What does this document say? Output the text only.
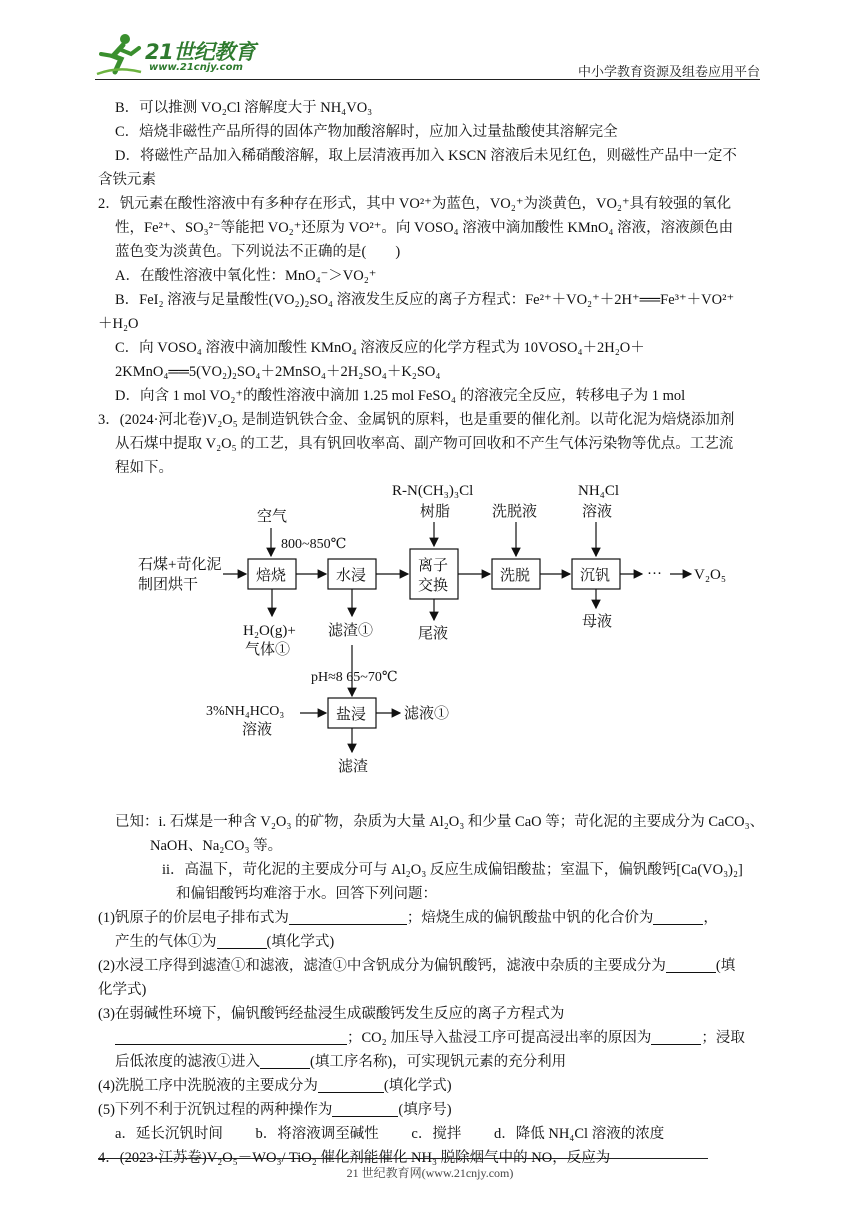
21世纪教育
www.21cnjy.com	中小学教育资源及组卷应用平台
B．可以推测 VO₂Cl 溶解度大于 NH₄VO₃
C．焙烧非磁性产品所得的固体产物加酸溶解时，应加入过量盐酸使其溶解完全
D．将磁性产品加入稀硝酸溶解，取上层清液再加入 KSCN 溶液后未见红色，则磁性产品中一定不
含铁元素
2．钒元素在酸性溶液中有多种存在形式，其中 VO²⁺为蓝色，VO₂⁺为淡黄色，VO₂⁺具有较强的氧化
性，Fe²⁺、SO₃²⁻等能把 VO₂⁺还原为 VO²⁺。向 VOSO₄ 溶液中滴加酸性 KMnO₄ 溶液，溶液颜色由
蓝色变为淡黄色。下列说法不正确的是(　　)
A．在酸性溶液中氧化性：MnO₄⁻＞VO₂⁺
B．FeI₂ 溶液与足量酸性(VO₂)₂SO₄ 溶液发生反应的离子方程式：Fe²⁺＋VO₂⁺＋2H⁺══Fe³⁺＋VO²⁺
＋H₂O
C．向 VOSO₄ 溶液中滴加酸性 KMnO₄ 溶液反应的化学方程式为 10VOSO₄＋2H₂O＋
2KMnO₄══5(VO₂)₂SO₄＋2MnSO₄＋2H₂SO₄＋K₂SO₄
D．向含 1 mol VO₂⁺的酸性溶液中滴加 1.25 mol FeSO₄ 的溶液完全反应，转移电子为 1 mol
3．(2024·河北卷)V₂O₅ 是制造钒铁合金、金属钒的原料，也是重要的催化剂。以苛化泥为焙烧添加剂
从石煤中提取 V₂O₅ 的工艺，具有钒回收率高、副产物可回收和不产生气体污染物等优点。工艺流
程如下。
石煤+苛化泥
制团烘干
空气
800~850℃
焙烧	水浸
离子
交换
洗脱	沉钒 ··· V₂O₅
R-N(CH₃)₃Cl
树脂	洗脱液
NH₄Cl
溶液
H₂O(g)+
气体①
滤渣①	尾液
母液
pH≈8 65~70℃
3%NH₄HCO₃
溶液
盐浸	滤液①
滤渣
已知：i. 石煤是一种含 V₂O₃ 的矿物，杂质为大量 Al₂O₃ 和少量 CaO 等；苛化泥的主要成分为 CaCO₃、
NaOH、Na₂CO₃ 等。
ii．高温下，苛化泥的主要成分可与 Al₂O₃ 反应生成偏铝酸盐；室温下，偏钒酸钙[Ca(VO₃)₂]
和偏铝酸钙均难溶于水。回答下列问题：
(1)钒原子的价层电子排布式为	；焙烧生成的偏钒酸盐中钒的化合价为	，
产生的气体①为	(填化学式)
(2)水浸工序得到滤渣①和滤液，滤渣①中含钒成分为偏钒酸钙，滤液中杂质的主要成分为	(填
化学式)
(3)在弱碱性环境下，偏钒酸钙经盐浸生成碳酸钙发生反应的离子方程式为
；CO₂ 加压导入盐浸工序可提高浸出率的原因为	；浸取
后低浓度的滤液①进入	(填工序名称)，可实现钒元素的充分利用
(4)洗脱工序中洗脱液的主要成分为	(填化学式)
(5)下列不利于沉钒过程的两种操作为	(填序号)
a．延长沉钒时间　　 b．将溶液调至碱性　　 c．搅拌　　 d．降低 NH₄Cl 溶液的浓度
4．(2023·江苏卷)V₂O₅－WO₃/ TiO₂ 催化剂能催化 NH₃ 脱除烟气中的 NO，反应为
21 世纪教育网(www.21cnjy.com)
